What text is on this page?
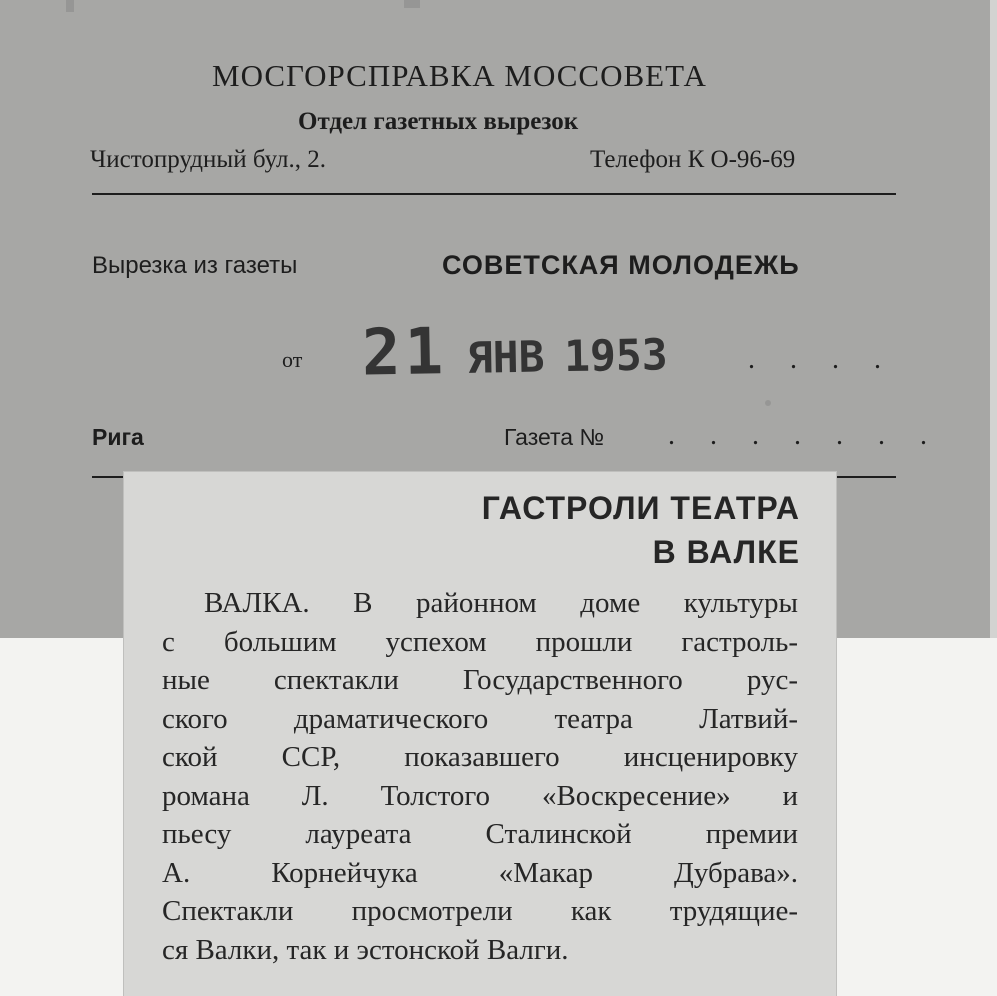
МОСГОРСПРАВКА МОССОВЕТА
Отдел газетных вырезок
Чистопрудный бул., 2.	Телефон К О-96-69
Вырезка из газеты	СОВЕТСКАЯ МОЛОДЕЖЬ
от 21 ЯНВ 1953	. . . .
Рига	Газета № . . . . . . .
ГАСТРОЛИ ТЕАТРА
В ВАЛКЕ
ВАЛКА. В районном доме культуры
с большим успехом прошли гастроль-
ные спектакли Государственного рус-
ского драматического театра Латвий-
ской ССР, показавшего инсценировку
романа Л. Толстого «Воскресение» и
пьесу лауреата Сталинской премии
А. Корнейчука «Макар Дубрава».
Спектакли просмотрели как трудящие-
ся Валки, так и эстонской Валги.
